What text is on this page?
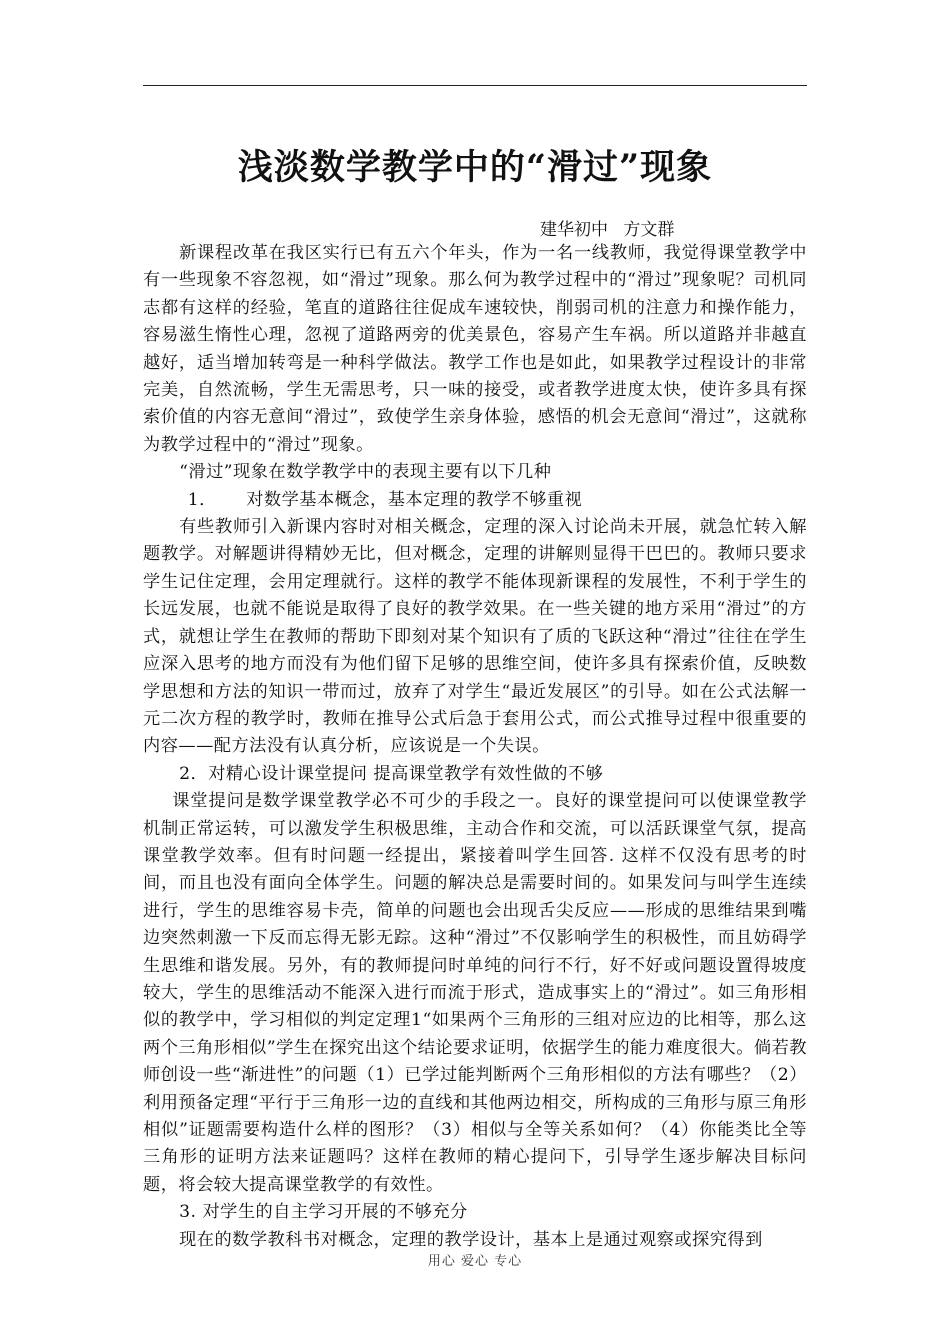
浅淡数学教学中的“滑过”现象
建华初中 方文群

新课程改革在我区实行已有五六个年头，作为一名一线教师，我觉得课堂教学中有一些现象不容忽视，如“滑过”现象。那么何为教学过程中的“滑过”现象呢？司机同志都有这样的经验，笔直的道路往往促成车速较快，削弱司机的注意力和操作能力，容易滋生惰性心理，忽视了道路两旁的优美景色，容易产生车祸。所以道路并非越直越好，适当增加转弯是一种科学做法。教学工作也是如此，如果教学过程设计的非常完美，自然流畅，学生无需思考，只一味的接受，或者教学进度太快，使许多具有探索价值的内容无意间“滑过”，致使学生亲身体验，感悟的机会无意间“滑过”，这就称为教学过程中的“滑过”现象。

“滑过”现象在数学教学中的表现主要有以下几种

1． 对数学基本概念，基本定理的教学不够重视

有些教师引入新课内容时对相关概念，定理的深入讨论尚未开展，就急忙转入解题教学。对解题讲得精妙无比，但对概念，定理的讲解则显得干巴巴的。教师只要求学生记住定理，会用定理就行。这样的教学不能体现新课程的发展性，不利于学生的长远发展，也就不能说是取得了良好的教学效果。在一些关键的地方采用“滑过”的方式，就想让学生在教师的帮助下即刻对某个知识有了质的飞跃这种“滑过”往往在学生应深入思考的地方而没有为他们留下足够的思维空间，使许多具有探索价值，反映数学思想和方法的知识一带而过，放弃了对学生“最近发展区”的引导。如在公式法解一元二次方程的教学时，教师在推导公式后急于套用公式，而公式推导过程中很重要的内容——配方法没有认真分析，应该说是一个失误。

2．对精心设计课堂提问 提高课堂教学有效性做的不够

课堂提问是数学课堂教学必不可少的手段之一。良好的课堂提问可以使课堂教学机制正常运转，可以激发学生积极思维，主动合作和交流，可以活跃课堂气氛，提高课堂教学效率。但有时问题一经提出，紧接着叫学生回答. 这样不仅没有思考的时间，而且也没有面向全体学生。问题的解决总是需要时间的。如果发问与叫学生连续进行，学生的思维容易卡壳，简单的问题也会出现舌尖反应——形成的思维结果到嘴边突然刺激一下反而忘得无影无踪。这种“滑过”不仅影响学生的积极性，而且妨碍学生思维和谐发展。另外，有的教师提问时单纯的问行不行，好不好或问题设置得坡度较大，学生的思维活动不能深入进行而流于形式，造成事实上的“滑过”。如三角形相似的教学中，学习相似的判定定理1“如果两个三角形的三组对应边的比相等，那么这两个三角形相似”学生在探究出这个结论要求证明，依据学生的能力难度很大。倘若教师创设一些“渐进性”的问题（1）已学过能判断两个三角形相似的方法有哪些？（2）利用预备定理“平行于三角形一边的直线和其他两边相交，所构成的三角形与原三角形相似”证题需要构造什么样的图形？（3）相似与全等关系如何？（4）你能类比全等三角形的证明方法来证题吗？这样在教师的精心提问下，引导学生逐步解决目标问题，将会较大提高课堂教学的有效性。

3. 对学生的自主学习开展的不够充分

现在的数学教科书对概念，定理的教学设计，基本上是通过观察或探究得到

用心 爱心 专心
